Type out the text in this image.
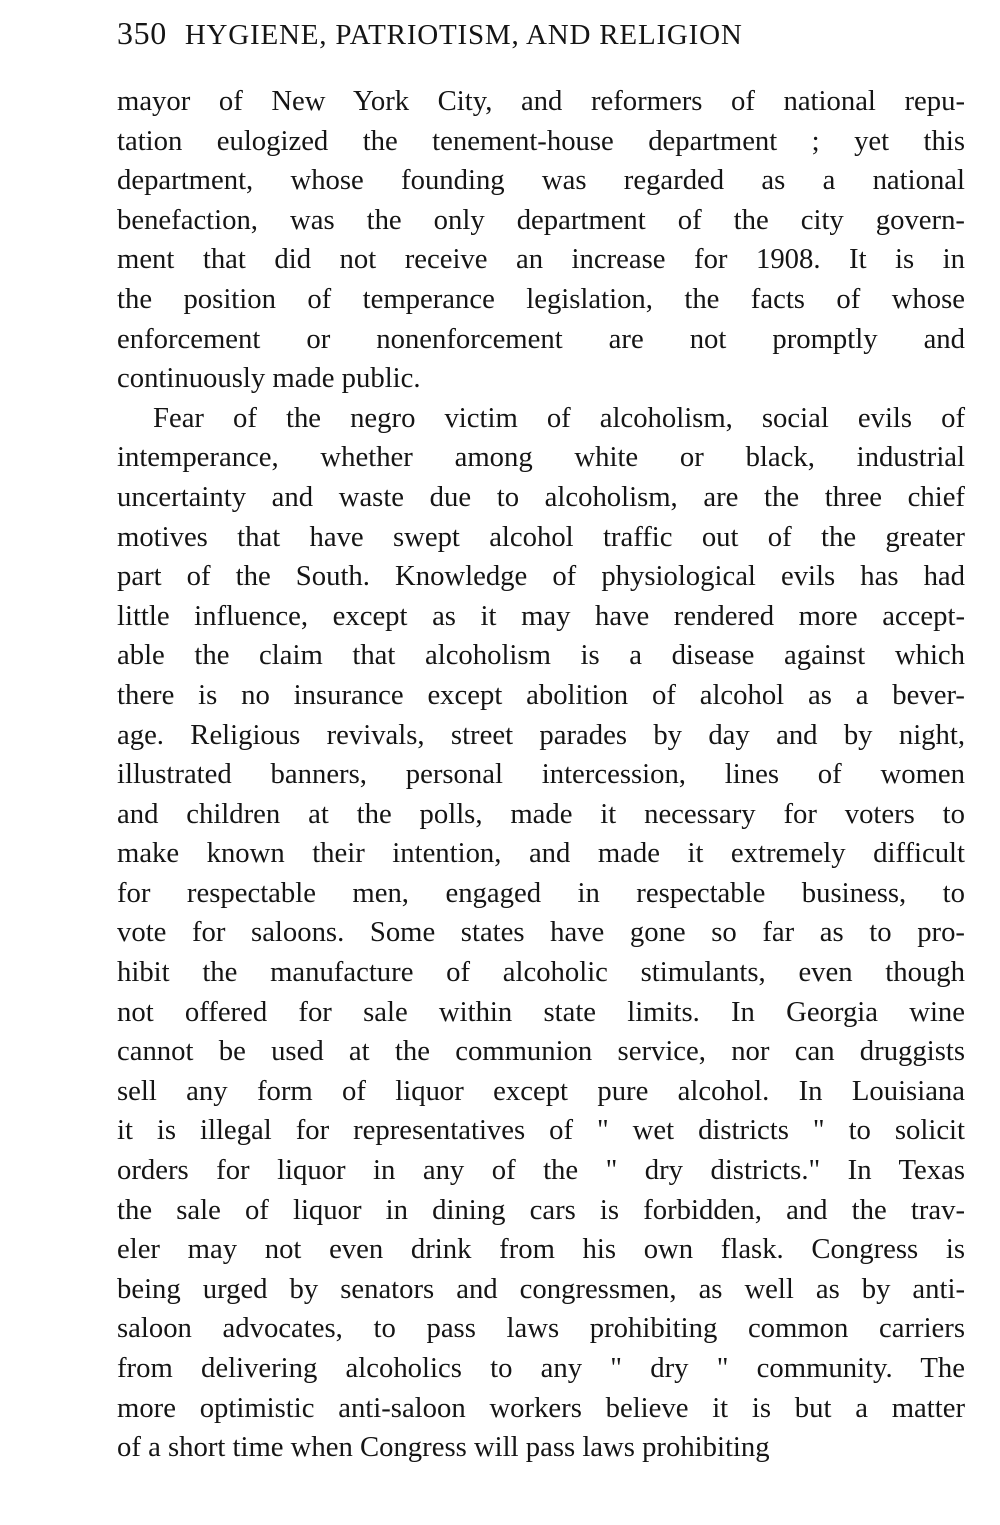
350 HYGIENE, PATRIOTISM, AND RELIGION

mayor of New York City, and reformers of national repu-
tation eulogized the tenement-house department ; yet this
department, whose founding was regarded as a national
benefaction, was the only department of the city govern-
ment that did not receive an increase for 1908. It is in
the position of temperance legislation, the facts of whose
enforcement or nonenforcement are not promptly and
continuously made public.

Fear of the negro victim of alcoholism, social evils of
intemperance, whether among white or black, industrial
uncertainty and waste due to alcoholism, are the three chief
motives that have swept alcohol traffic out of the greater
part of the South. Knowledge of physiological evils has had
little influence, except as it may have rendered more accept-
able the claim that alcoholism is a disease against which
there is no insurance except abolition of alcohol as a bever-
age. Religious revivals, street parades by day and by night,
illustrated banners, personal intercession, lines of women
and children at the polls, made it necessary for voters to
make known their intention, and made it extremely difficult
for respectable men, engaged in respectable business, to
vote for saloons. Some states have gone so far as to pro-
hibit the manufacture of alcoholic stimulants, even though
not offered for sale within state limits. In Georgia wine
cannot be used at the communion service, nor can druggists
sell any form of liquor except pure alcohol. In Louisiana
it is illegal for representatives of " wet districts " to solicit
orders for liquor in any of the " dry districts." In Texas
the sale of liquor in dining cars is forbidden, and the trav-
eler may not even drink from his own flask. Congress is
being urged by senators and congressmen, as well as by anti-
saloon advocates, to pass laws prohibiting common carriers
from delivering alcoholics to any " dry " community. The
more optimistic anti-saloon workers believe it is but a matter
of a short time when Congress will pass laws prohibiting
